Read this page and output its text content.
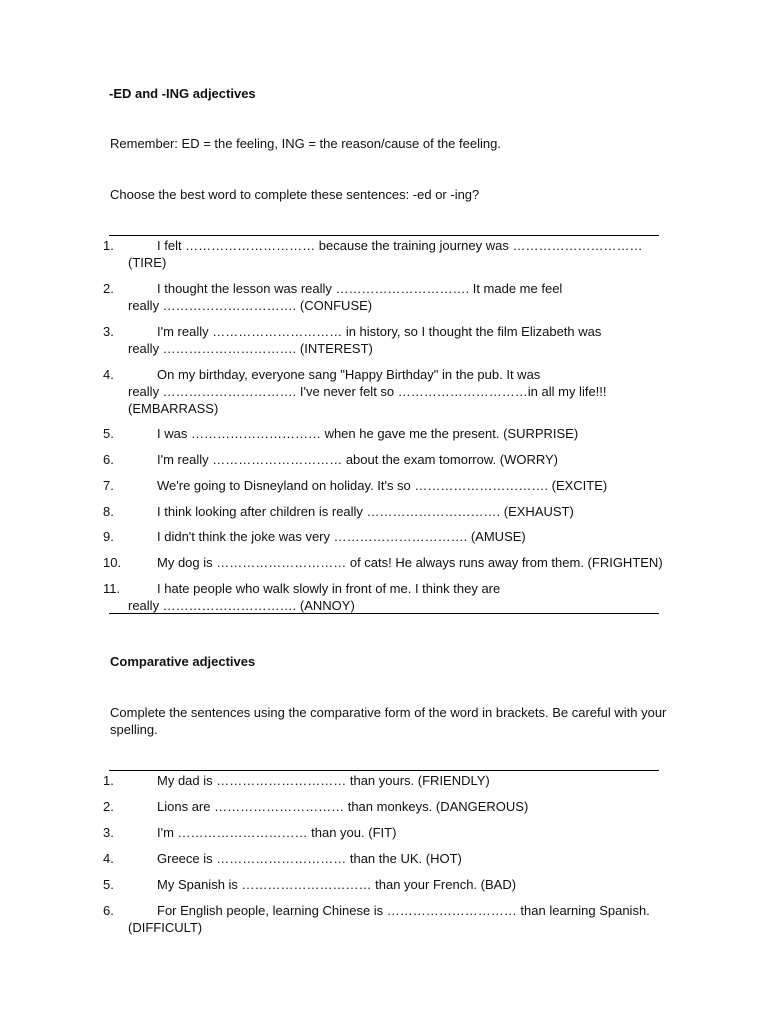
-ED and -ING adjectives
Remember: ED = the feeling, ING = the reason/cause of the feeling.
Choose the best word to complete these sentences: -ed or -ing?
1.	I felt ………………………… because the training journey was …………………………
(TIRE)
2.	I thought the lesson was really …………………………. It made me feel
really …………………………. (CONFUSE)
3.	I'm really ………………………… in history, so I thought the film Elizabeth was
really …………………………. (INTEREST)
4.	On my birthday, everyone sang "Happy Birthday" in the pub. It was
really …………………………. I've never felt so …………………………in all my life!!!
(EMBARRASS)
5.	I was ………………………… when he gave me the present. (SURPRISE)
6.	I'm really ………………………… about the exam tomorrow. (WORRY)
7.	We're going to Disneyland on holiday. It's so …………………………. (EXCITE)
8.	I think looking after children is really …………………………. (EXHAUST)
9.	I didn't think the joke was very …………………………. (AMUSE)
10.	My dog is ………………………… of cats! He always runs away from them. (FRIGHTEN)
11.	I hate people who walk slowly in front of me. I think they are
really …………………………. (ANNOY)
Comparative adjectives
Complete the sentences using the comparative form of the word in brackets. Be careful with your
spelling.
1.	My dad is ………………………… than yours. (FRIENDLY)
2.	Lions are ………………………… than monkeys. (DANGEROUS)
3.	I'm ………………………… than you. (FIT)
4.	Greece is ………………………… than the UK. (HOT)
5.	My Spanish is ………………………… than your French. (BAD)
6.	For English people, learning Chinese is ………………………… than learning Spanish.
(DIFFICULT)
